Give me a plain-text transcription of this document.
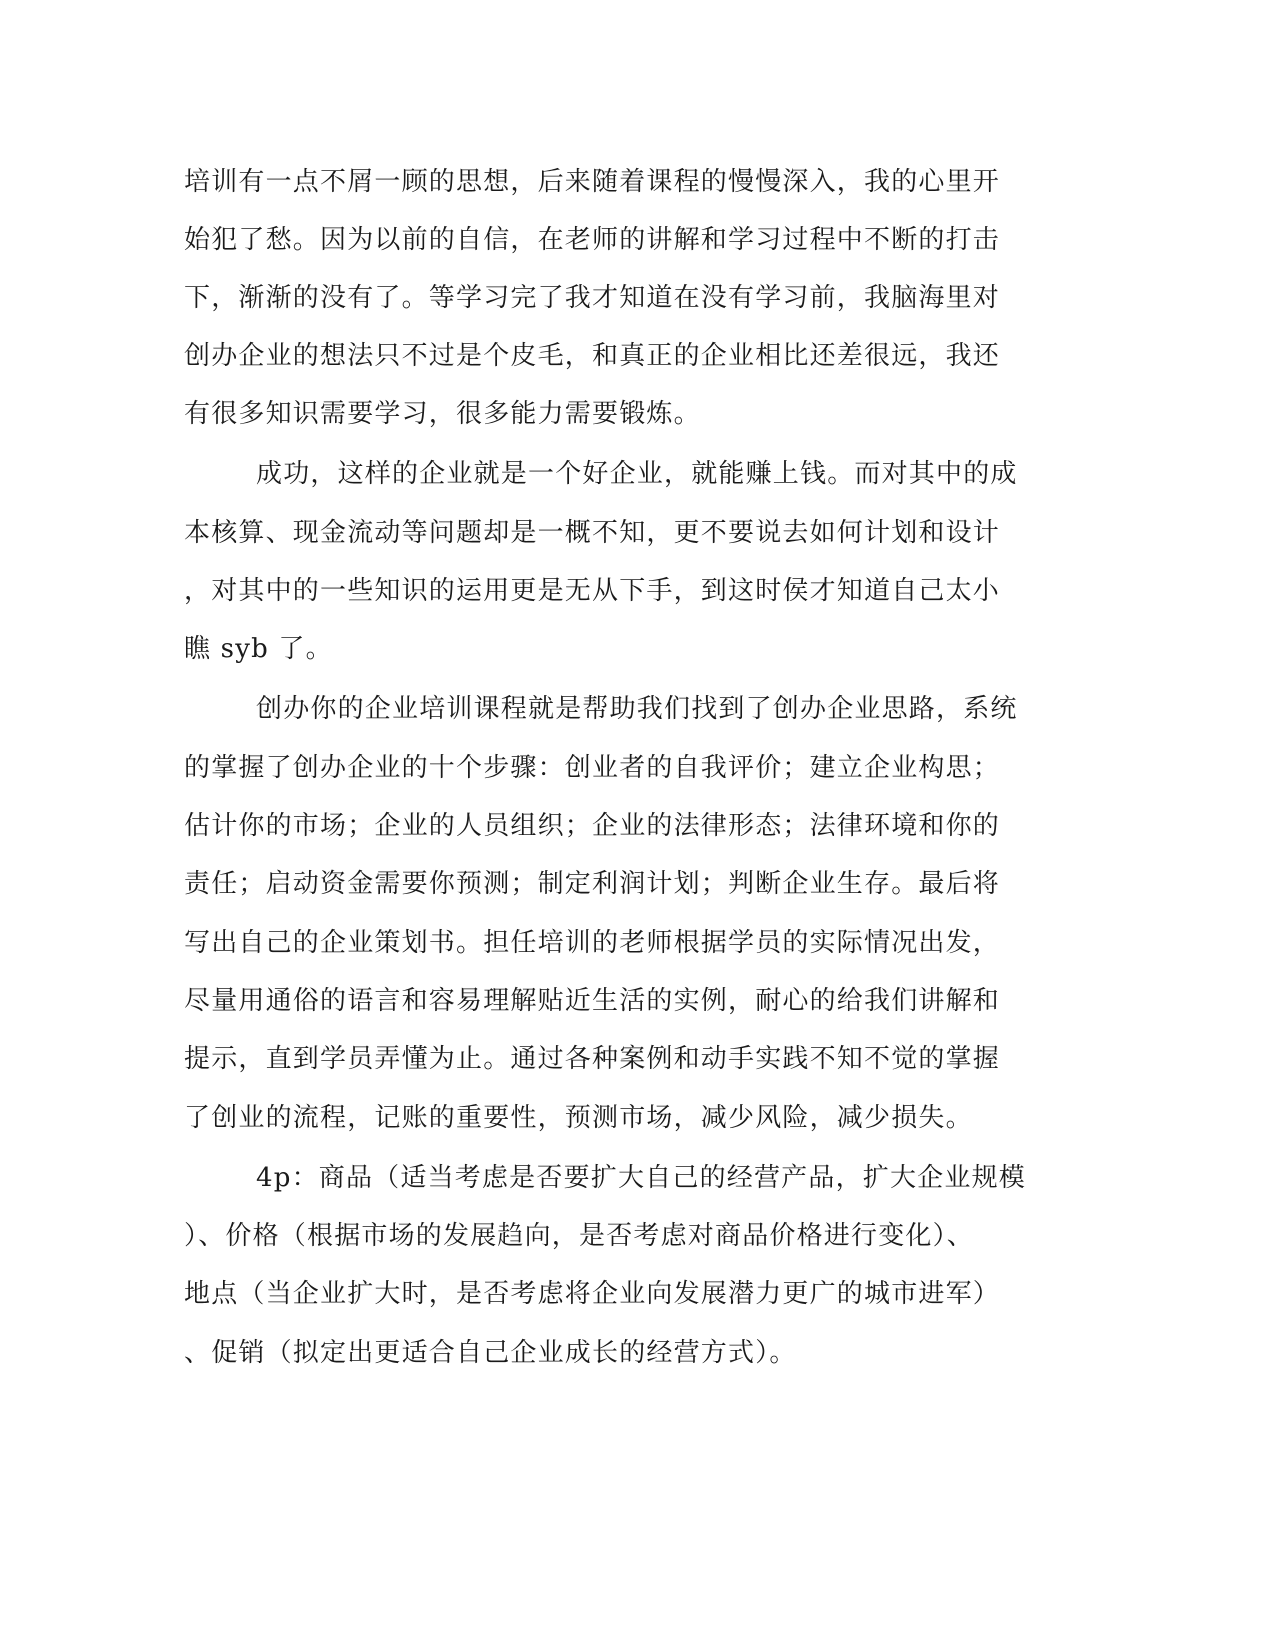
培训有一点不屑一顾的思想，后来随着课程的慢慢深入，我的心里开

始犯了愁。因为以前的自信，在老师的讲解和学习过程中不断的打击

下，渐渐的没有了。等学习完了我才知道在没有学习前，我脑海里对

创办企业的想法只不过是个皮毛，和真正的企业相比还差很远，我还

有很多知识需要学习，很多能力需要锻炼。

成功，这样的企业就是一个好企业，就能赚上钱。而对其中的成

本核算、现金流动等问题却是一概不知，更不要说去如何计划和设计

，对其中的一些知识的运用更是无从下手，到这时侯才知道自己太小

瞧 syb 了。

创办你的企业培训课程就是帮助我们找到了创办企业思路，系统

的掌握了创办企业的十个步骤：创业者的自我评价；建立企业构思；

估计你的市场；企业的人员组织；企业的法律形态；法律环境和你的

责任；启动资金需要你预测；制定利润计划；判断企业生存。最后将

写出自己的企业策划书。担任培训的老师根据学员的实际情况出发，

尽量用通俗的语言和容易理解贴近生活的实例，耐心的给我们讲解和

提示，直到学员弄懂为止。通过各种案例和动手实践不知不觉的掌握

了创业的流程，记账的重要性，预测市场，减少风险，减少损失。

4p：商品（适当考虑是否要扩大自己的经营产品，扩大企业规模

）、价格（根据市场的发展趋向，是否考虑对商品价格进行变化）、

地点（当企业扩大时，是否考虑将企业向发展潜力更广的城市进军）

、促销（拟定出更适合自己企业成长的经营方式）。
